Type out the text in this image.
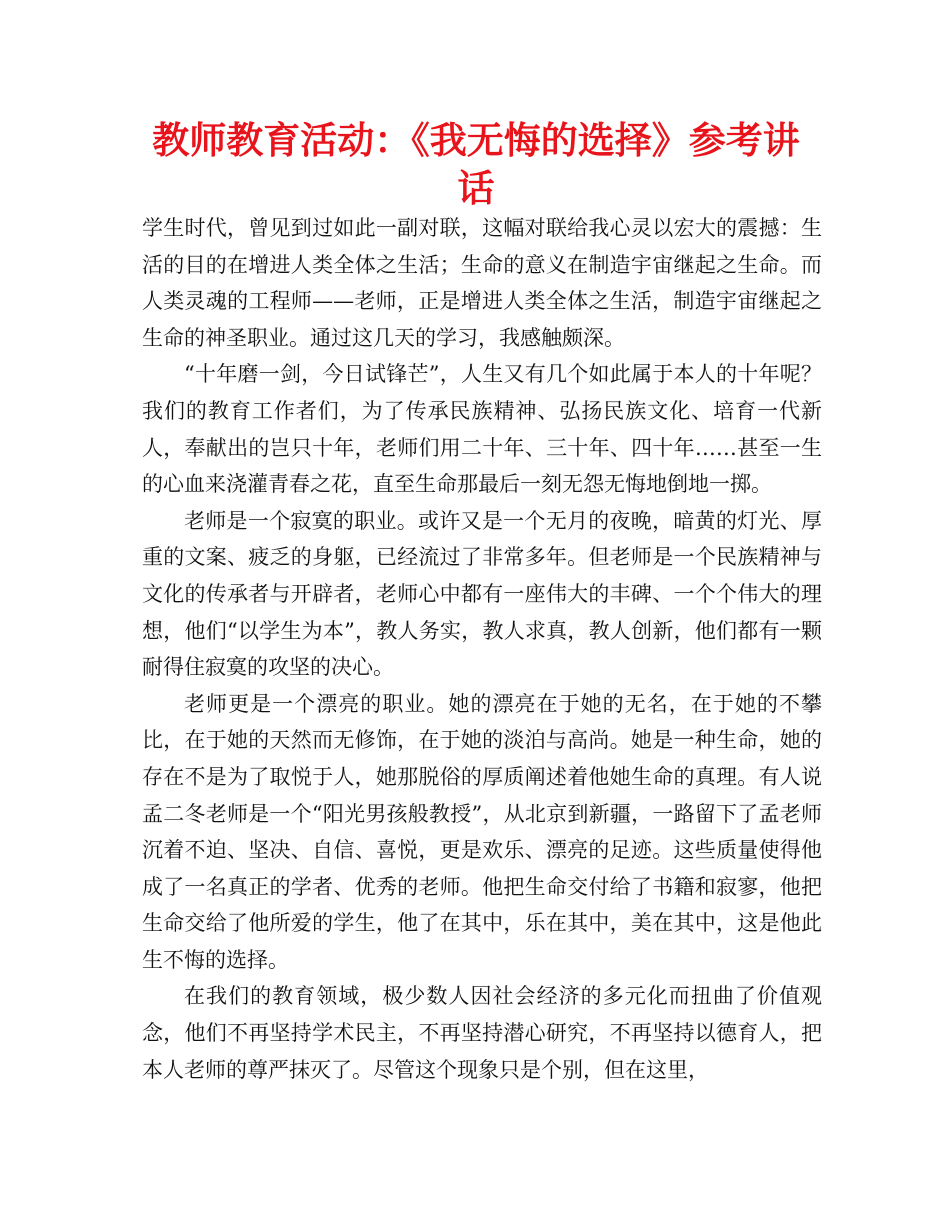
教师教育活动：《我无悔的选择》参考讲话

学生时代，曾见到过如此一副对联，这幅对联给我心灵以宏大的震撼：生活的目的在增进人类全体之生活；生命的意义在制造宇宙继起之生命。而人类灵魂的工程师——老师，正是增进人类全体之生活，制造宇宙继起之生命的神圣职业。通过这几天的学习，我感触颇深。

“十年磨一剑，今日试锋芒”，人生又有几个如此属于本人的十年呢？我们的教育工作者们，为了传承民族精神、弘扬民族文化、培育一代新人，奉献出的岂只十年，老师们用二十年、三十年、四十年……甚至一生的心血来浇灌青春之花，直至生命那最后一刻无怨无悔地倒地一掷。

老师是一个寂寞的职业。或许又是一个无月的夜晚，暗黄的灯光、厚重的文案、疲乏的身躯，已经流过了非常多年。但老师是一个民族精神与文化的传承者与开辟者，老师心中都有一座伟大的丰碑、一个个伟大的理想，他们“以学生为本”，教人务实，教人求真，教人创新，他们都有一颗耐得住寂寞的攻坚的决心。

老师更是一个漂亮的职业。她的漂亮在于她的无名，在于她的不攀比，在于她的天然而无修饰，在于她的淡泊与高尚。她是一种生命，她的存在不是为了取悦于人，她那脱俗的厚质阐述着他她生命的真理。有人说孟二冬老师是一个“阳光男孩般教授”，从北京到新疆，一路留下了孟老师沉着不迫、坚决、自信、喜悦，更是欢乐、漂亮的足迹。这些质量使得他成了一名真正的学者、优秀的老师。他把生命交付给了书籍和寂寥，他把生命交给了他所爱的学生，他了在其中，乐在其中，美在其中，这是他此生不悔的选择。

在我们的教育领域，极少数人因社会经济的多元化而扭曲了价值观念，他们不再坚持学术民主，不再坚持潜心研究，不再坚持以德育人，把本人老师的尊严抹灭了。尽管这个现象只是个别，但在这里，
